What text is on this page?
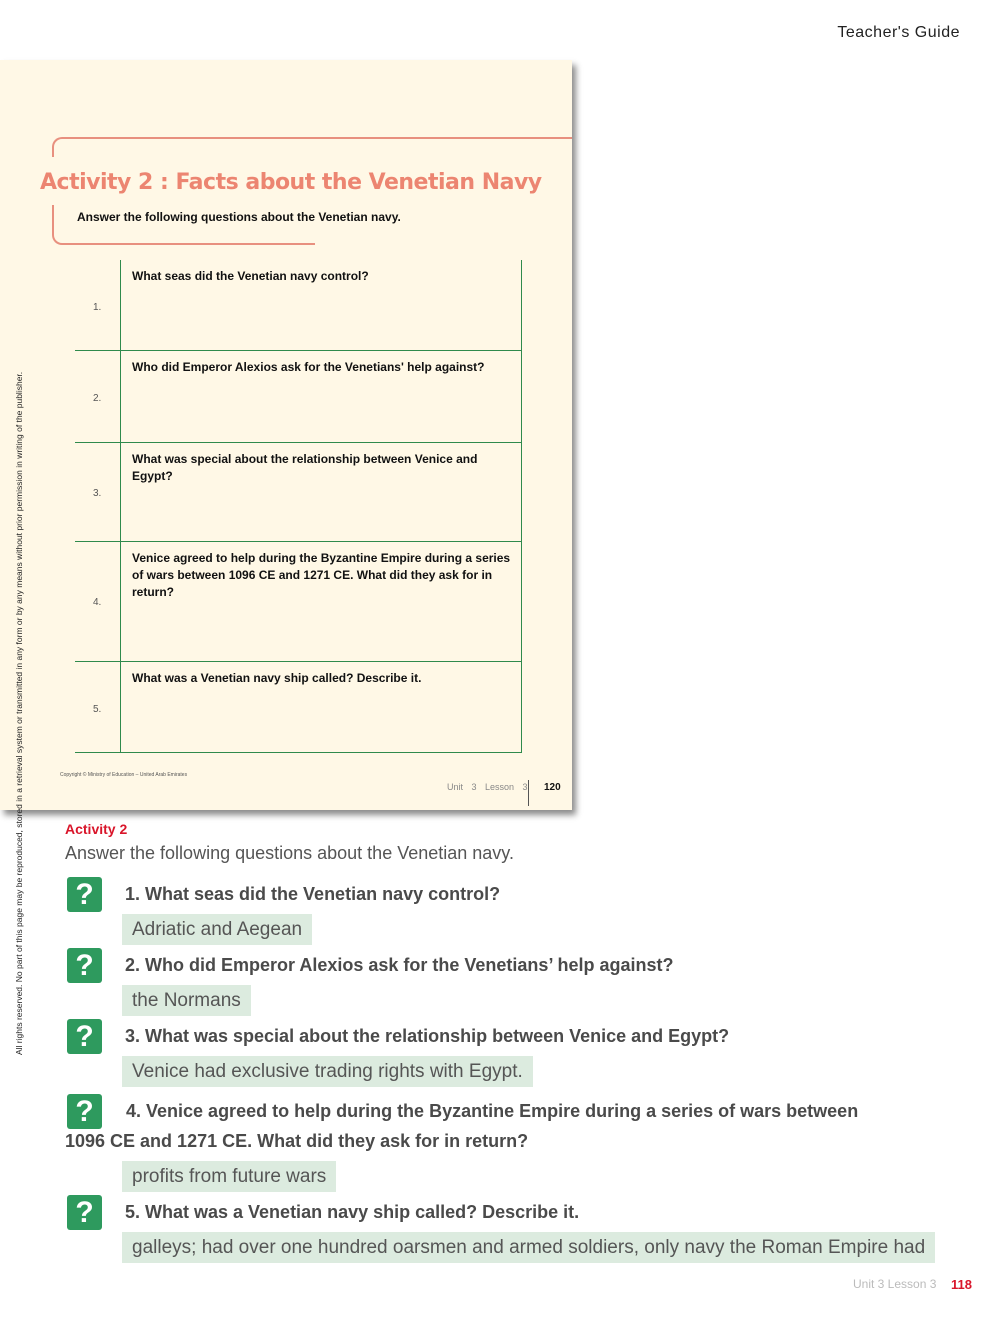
Teacher's Guide
Activity 2 : Facts about the Venetian Navy
Answer the following questions about the Venetian navy.
1.
What seas did the Venetian navy control?
2.
Who did Emperor Alexios ask for the Venetians' help against?
3.
What was special about the relationship between Venice and Egypt?
4.
Venice agreed to help during the Byzantine Empire during a series of wars between 1096 CE and 1271 CE. What did they ask for in return?
5.
What was a Venetian navy ship called? Describe it.
Copyright © Ministry of Education – United Arab Emirates
Unit 3 Lesson 3 120
All rights reserved. No part of this page may be reproduced, stored in a retrieval system or transmitted in any form or by any means without prior permission in writing of the publisher.	Activity 2
Answer the following questions about the Venetian navy.
?	1. What seas did the Venetian navy control?
Adriatic and Aegean
?	2. Who did Emperor Alexios ask for the Venetians’ help against?
the Normans
?	3. What was special about the relationship between Venice and Egypt?
Venice had exclusive trading rights with Egypt.
?	4. Venice agreed to help during the Byzantine Empire during a series of wars between
1096 CE and 1271 CE. What did they ask for in return?
profits from future wars
?	5. What was a Venetian navy ship called? Describe it.
galleys; had over one hundred oarsmen and armed soldiers, only navy the Roman Empire had
Unit 3 Lesson 3 118
